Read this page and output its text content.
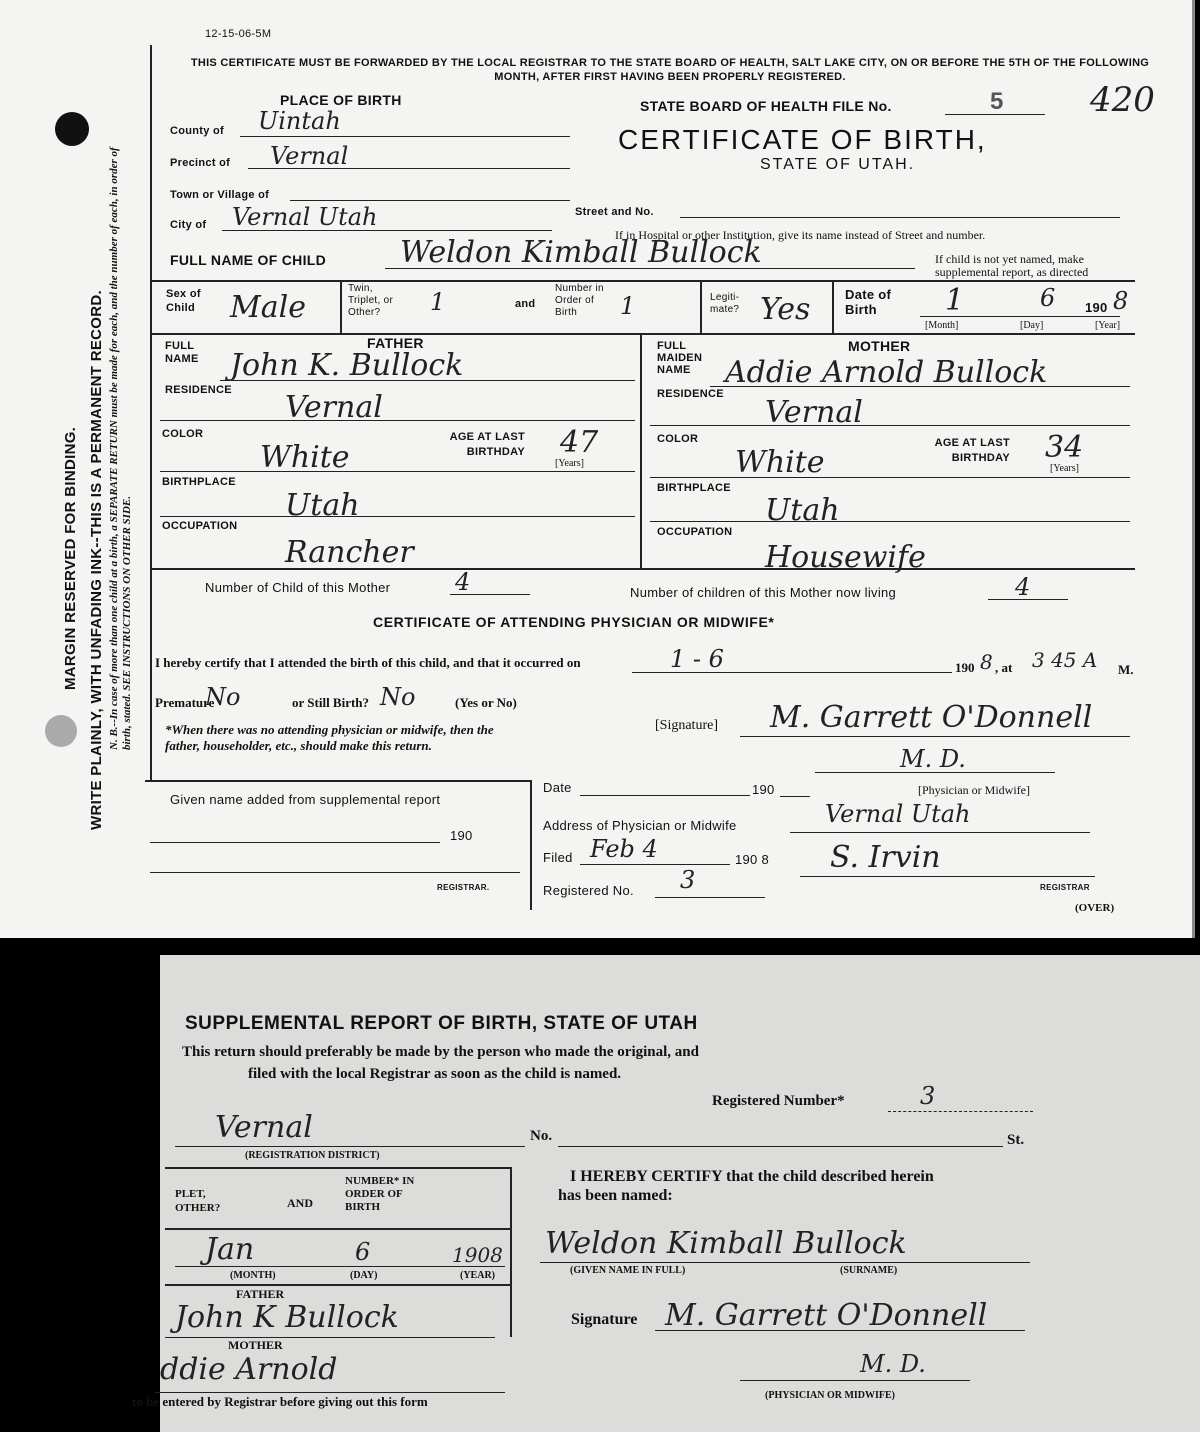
12-15-06-5M
420
THIS CERTIFICATE MUST BE FORWARDED BY THE LOCAL REGISTRAR TO THE STATE BOARD OF HEALTH, SALT LAKE CITY, ON OR BEFORE THE 5TH OF THE FOLLOWING MONTH, AFTER FIRST HAVING BEEN PROPERLY REGISTERED.
MARGIN RESERVED FOR BINDING. WRITE PLAINLY, WITH UNFADING INK--THIS IS A PERMANENT RECORD. N. B.--In case of more than one child at a birth, a SEPARATE RETURN must be made for each, and the number of each, in order of birth, stated. SEE INSTRUCTIONS ON OTHER SIDE.
PLACE OF BIRTH
County of Uintah
Precinct of Vernal
Town or Village of
City of Vernal Utah
STATE BOARD OF HEALTH FILE No.	5
CERTIFICATE OF BIRTH,
STATE OF UTAH.
Street and No.
If in Hospital or other Institution, give its name instead of Street and number.
FULL NAME OF CHILD Weldon Kimball Bullock	If child is not yet named, make supplemental report, as directed
Sex of Child	Male
Twin, Triplet, or Other?	1	and
Number in Order of Birth	1	Legiti-mate? Yes	Date of Birth	1	6 190 8
[Month]	[Day]	[Year]
FULL NAME
FATHER
John K. Bullock
RESIDENCE Vernal
COLOR
White
AGE AT LAST BIRTHDAY 47
[Years]
BIRTHPLACE
Utah
OCCUPATION
Rancher
FULL MAIDEN NAME
MOTHER
Addie Arnold Bullock
RESIDENCE
Vernal
COLOR
White
AGE AT LAST BIRTHDAY 34
[Years]
BIRTHPLACE
Utah
OCCUPATION
Housewife
Number of Child of this Mother	4	Number of children of this Mother now living	4
CERTIFICATE OF ATTENDING PHYSICIAN OR MIDWIFE*
I hereby certify that I attended the birth of this child, and that it occurred on	1 - 6	190 8 , at 3 45 A M.
Premature
No	or Still Birth? No	(Yes or No)
*When there was no attending physician or midwife, then the father, householder, etc., should make this return.
[Signature] M. Garrett O'Donnell
M. D.
[Physician or Midwife]
Given name added from supplemental report
190
REGISTRAR.
Date	190
Address of Physician or Midwife	Vernal Utah
Filed Feb 4	190 8 S. Irvin
REGISTRAR
Registered No. 3
(OVER)
SUPPLEMENTAL REPORT OF BIRTH, STATE OF UTAH
This return should preferably be made by the person who made the original, and
filed with the local Registrar as soon as the child is named.
Registered Number*	3
Vernal
(REGISTRATION DISTRICT)
No.	St.
PLET, OTHER?	AND
NUMBER* IN ORDER OF BIRTH
Jan	6	1908
(MONTH)	(DAY)	(YEAR)
FATHER
John K Bullock
MOTHER
ddie Arnold
to be entered by Registrar before giving out this form
I HEREBY CERTIFY that the child described herein
has been named:
Weldon Kimball Bullock
(GIVEN NAME IN FULL)	(SURNAME)
Signature M. Garrett O'Donnell
M. D.
(PHYSICIAN OR MIDWIFE)
